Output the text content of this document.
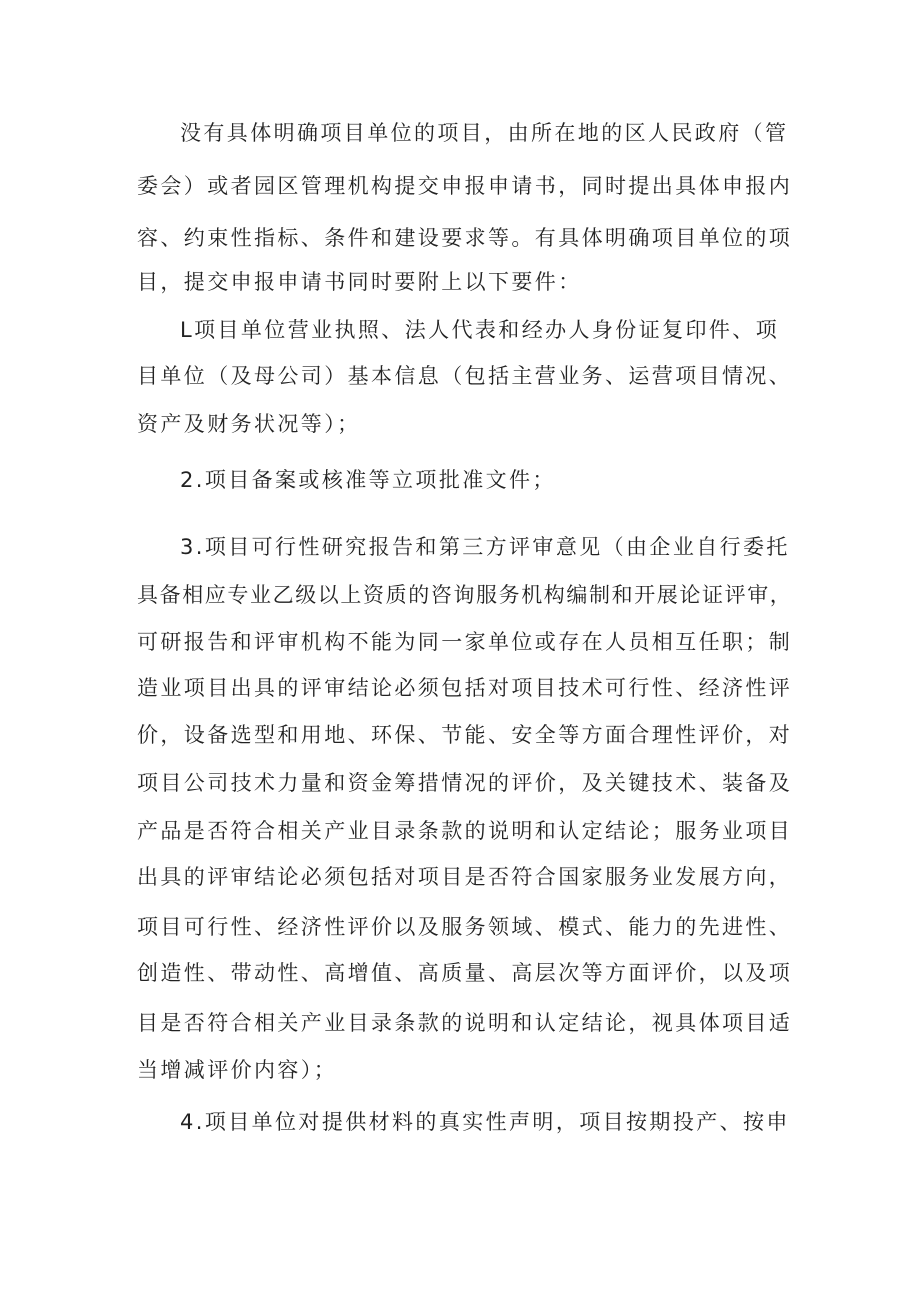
没有具体明确项目单位的项目，由所在地的区人民政府（管
委会）或者园区管理机构提交申报申请书，同时提出具体申报内
容、约束性指标、条件和建设要求等。有具体明确项目单位的项
目，提交申报申请书同时要附上以下要件：
L项目单位营业执照、法人代表和经办人身份证复印件、项
目单位（及母公司）基本信息（包括主营业务、运营项目情况、
资产及财务状况等）；
2.项目备案或核准等立项批准文件；
3.项目可行性研究报告和第三方评审意见（由企业自行委托
具备相应专业乙级以上资质的咨询服务机构编制和开展论证评审，
可研报告和评审机构不能为同一家单位或存在人员相互任职；制
造业项目出具的评审结论必须包括对项目技术可行性、经济性评
价，设备选型和用地、环保、节能、安全等方面合理性评价，对
项目公司技术力量和资金筹措情况的评价，及关键技术、装备及
产品是否符合相关产业目录条款的说明和认定结论；服务业项目
出具的评审结论必须包括对项目是否符合国家服务业发展方向，
项目可行性、经济性评价以及服务领域、模式、能力的先进性、
创造性、带动性、高增值、高质量、高层次等方面评价，以及项
目是否符合相关产业目录条款的说明和认定结论，视具体项目适
当增减评价内容）；
4.项目单位对提供材料的真实性声明，项目按期投产、按申
